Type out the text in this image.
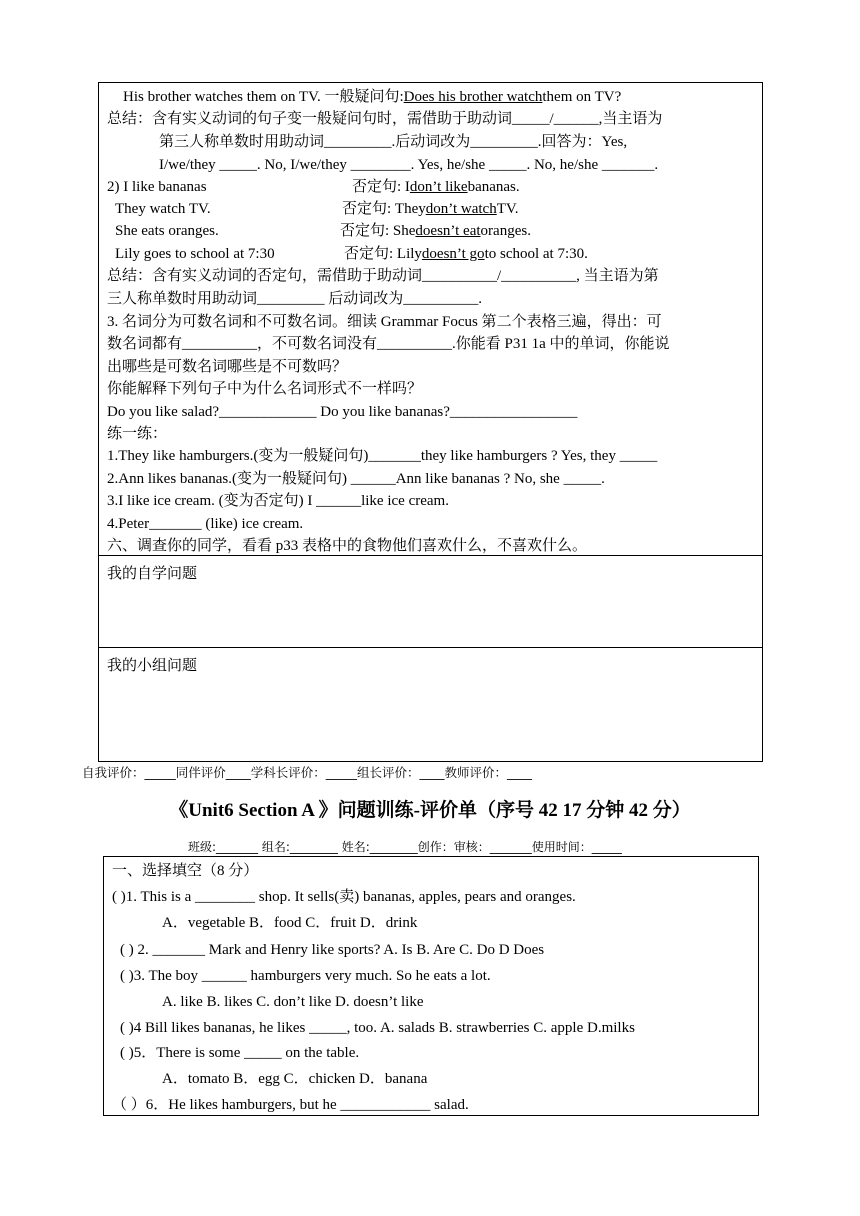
His brother watches them on TV. 一般疑问句:Does his brother watchthem on TV?
总结：含有实义动词的句子变一般疑问句时，需借助于助动词_____/______,当主语为
第三人称单数时用助动词_________.后动词改为_________.回答为：Yes,
I/we/they _____. No, I/we/they ________. Yes, he/she _____. No, he/she _______.
2) I like bananas	否定句: Idon’t likebananas.
They watch TV.	否定句: Theydon’t watchTV.
She eats oranges.	否定句: Shedoesn’t eatoranges.
Lily goes to school at 7:30	否定句: Lilydoesn’t goto school at 7:30.
总结：含有实义动词的否定句，需借助于助动词__________/__________, 当主语为第
三人称单数时用助动词_________ 后动词改为__________.
3. 名词分为可数名词和不可数名词。细读 Grammar Focus 第二个表格三遍，得出：可
数名词都有__________，不可数名词没有__________.你能看 P31 1a 中的单词，你能说
出哪些是可数名词哪些是不可数吗？
你能解释下列句子中为什么名词形式不一样吗？
Do you like salad?_____________ Do you like bananas?_________________
练一练：
1.They like hamburgers.(变为一般疑问句)_______they like hamburgers ? Yes, they _____
2.Ann likes bananas.(变为一般疑问句) ______Ann like bananas ? No, she _____.
3.I like ice cream. (变为否定句) I ______like ice cream.
4.Peter_______ (like) ice cream.
六、调查你的同学，看看 p33 表格中的食物他们喜欢什么，不喜欢什么。
我的自学问题
我的小组问题
自我评价：_____同伴评价____学科长评价：_____组长评价：____教师评价：____
《Unit6 Section A 》问题训练-评价单（序号 42 17 分钟 42 分）
班级:_______ 组名:________ 姓名:________创作：审核：_______使用时间：_____
一、选择填空（8 分）
( )1. This is a ________ shop. It sells(卖) bananas, apples, pears and oranges.
A．vegetable B．food C．fruit D．drink
( ) 2. _______ Mark and Henry like sports? A. Is B. Are C. Do D Does
( )3. The boy ______ hamburgers very much. So he eats a lot.
A. like B. likes C. don’t like D. doesn’t like
( )4 Bill likes bananas, he likes _____, too. A. salads B. strawberries C. apple D.milks
( )5．There is some _____ on the table.
A．tomato B．egg C．chicken D．banana
（ ）6．He likes hamburgers, but he ____________ salad.
